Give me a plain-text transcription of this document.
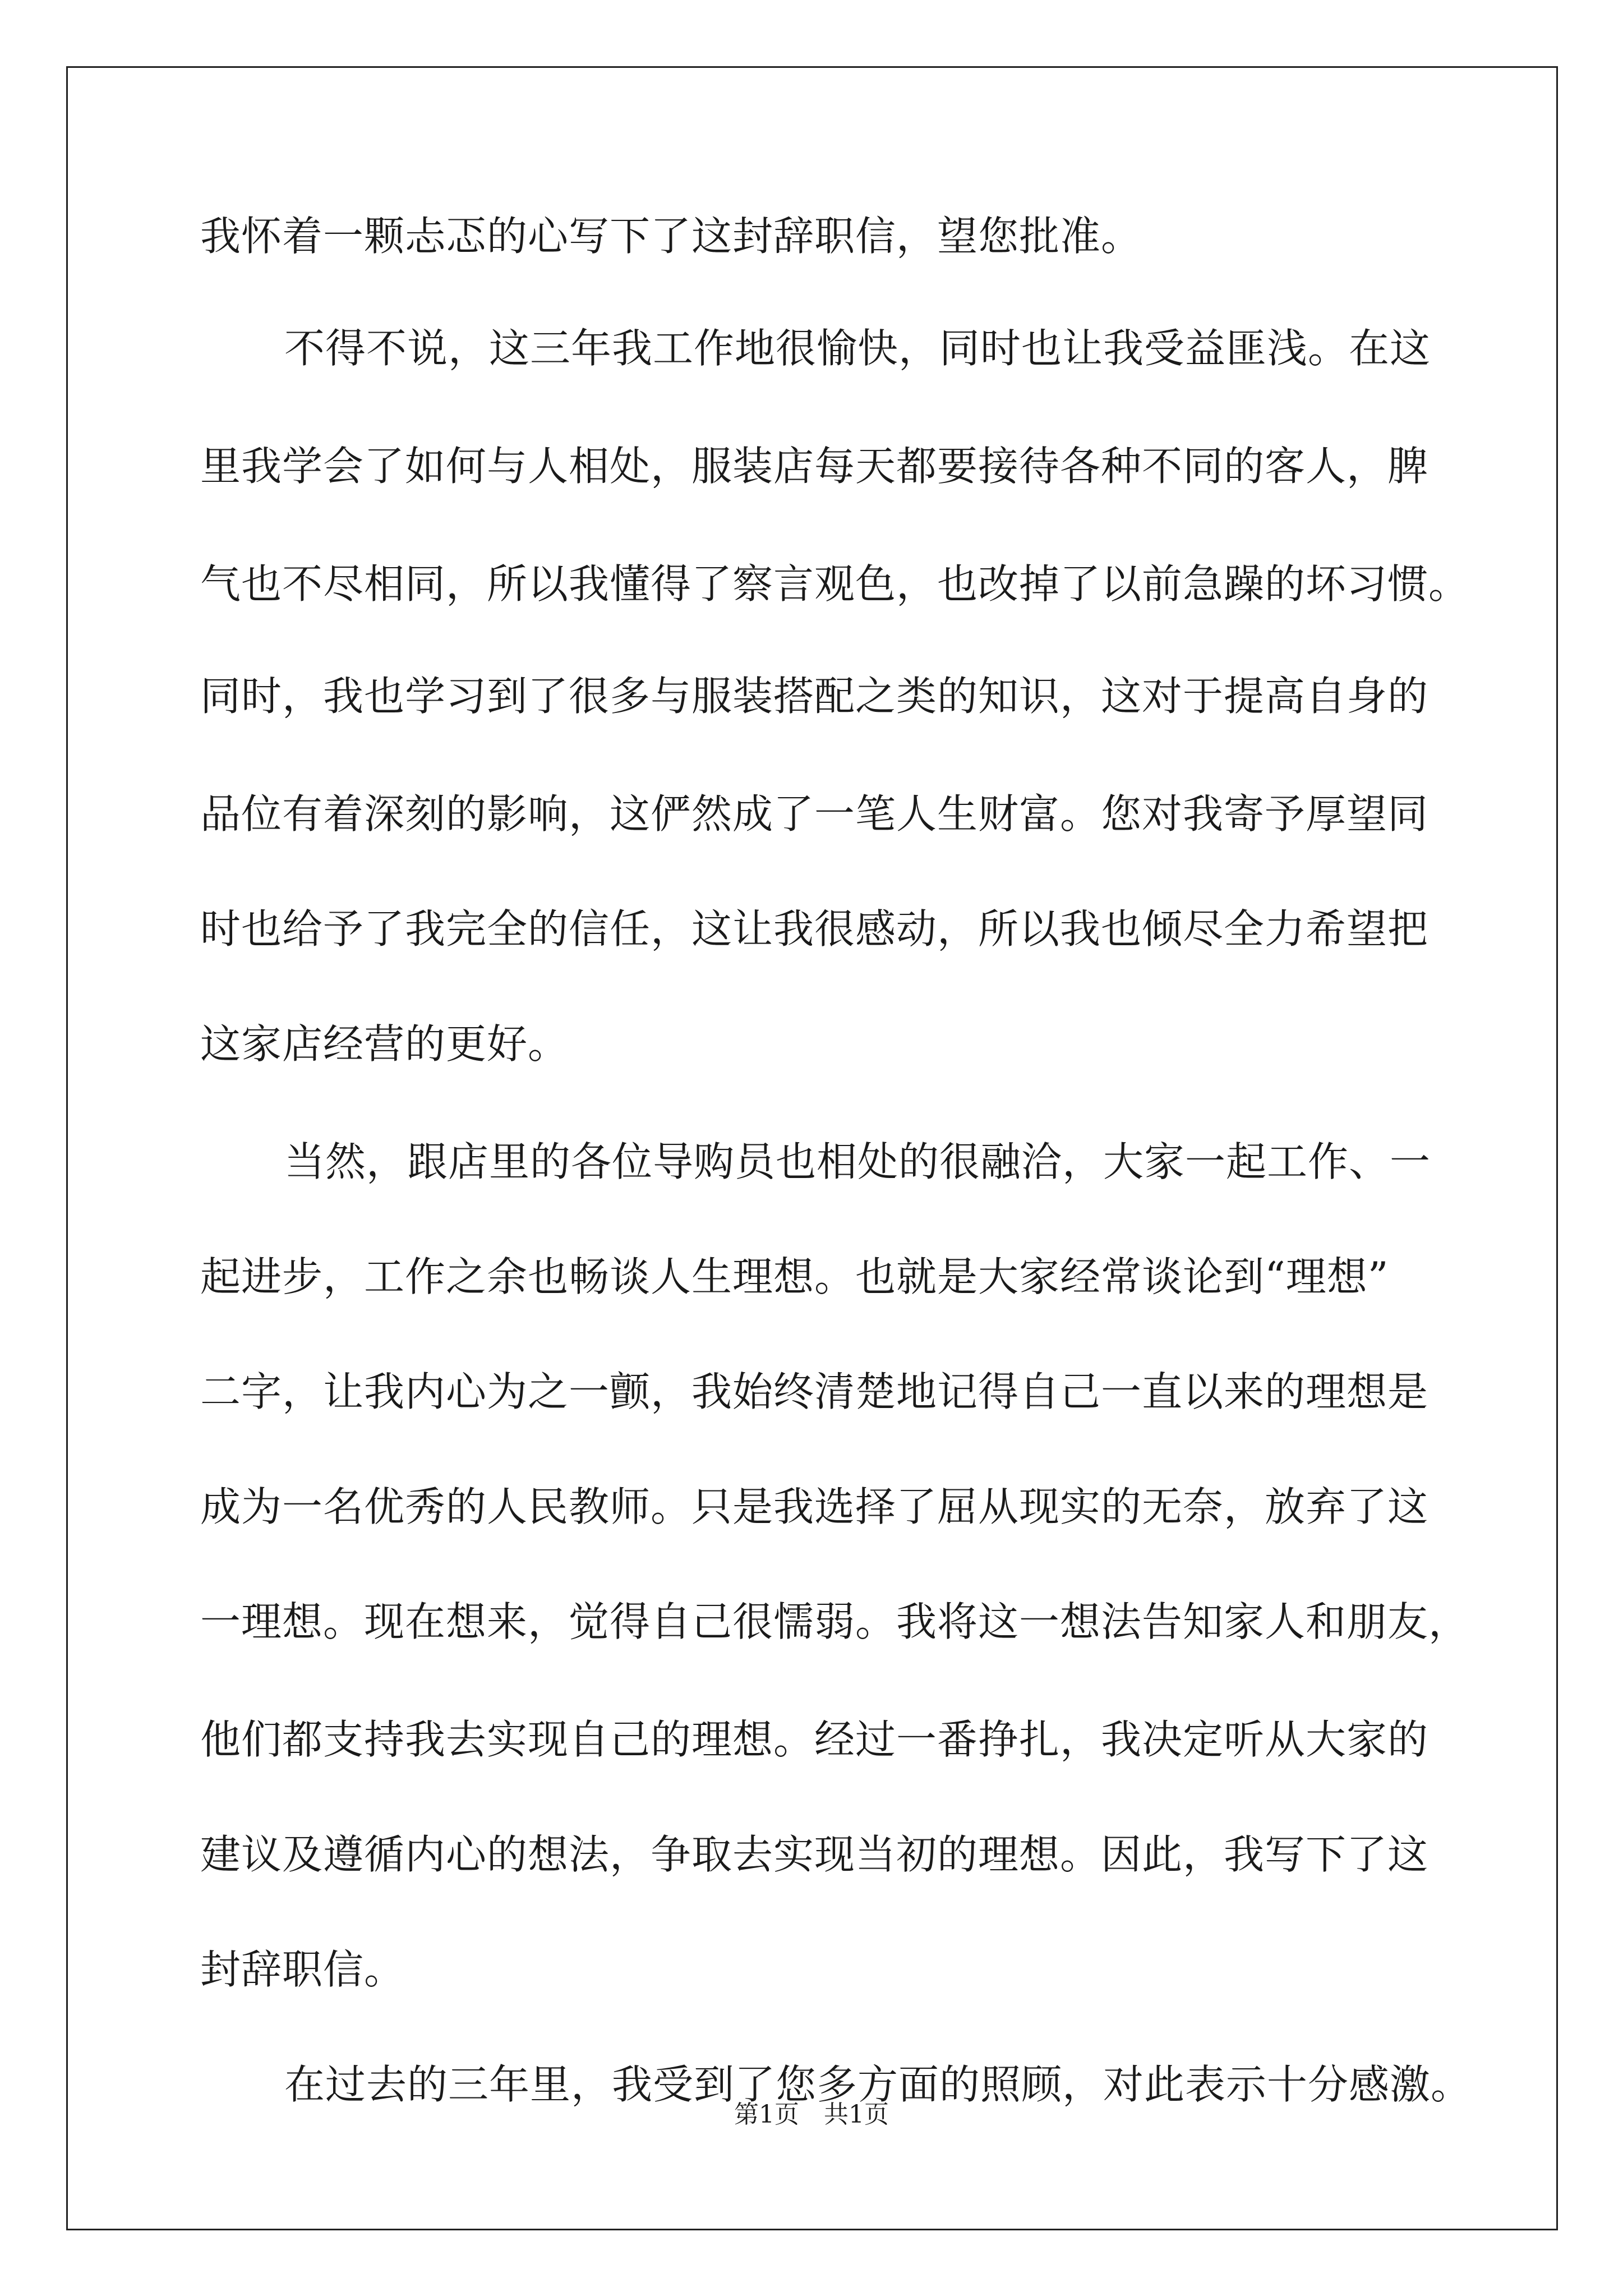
我怀着一颗忐忑的心写下了这封辞职信，望您批准。
不得不说，这三年我工作地很愉快，同时也让我受益匪浅。在这
里我学会了如何与人相处，服装店每天都要接待各种不同的客人，脾
气也不尽相同，所以我懂得了察言观色，也改掉了以前急躁的坏习惯。
同时，我也学习到了很多与服装搭配之类的知识，这对于提高自身的
品位有着深刻的影响，这俨然成了一笔人生财富。您对我寄予厚望同
时也给予了我完全的信任，这让我很感动，所以我也倾尽全力希望把
这家店经营的更好。
当然，跟店里的各位导购员也相处的很融洽，大家一起工作、一
起进步，工作之余也畅谈人生理想。也就是大家经常谈论到“理想”
二字，让我内心为之一颤，我始终清楚地记得自己一直以来的理想是
成为一名优秀的人民教师。只是我选择了屈从现实的无奈，放弃了这
一理想。现在想来，觉得自己很懦弱。我将这一想法告知家人和朋友，
他们都支持我去实现自己的理想。经过一番挣扎，我决定听从大家的
建议及遵循内心的想法，争取去实现当初的理想。因此，我写下了这
封辞职信。
在过去的三年里，我受到了您多方面的照顾，对此表示十分感激。
第1页　共1页
